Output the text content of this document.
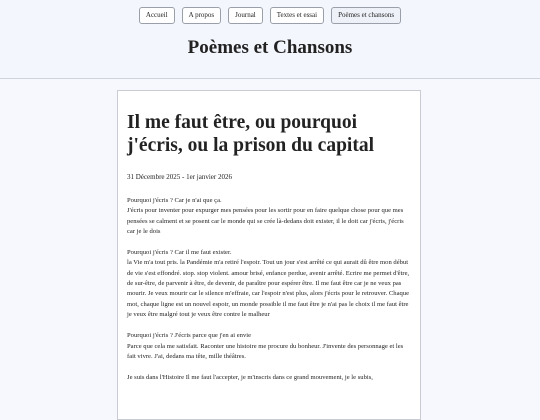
Accueil	A propos	Journal	Textes et essai	Poèmes et chansons
Poèmes et Chansons
Il me faut être, ou pourquoi j'écris, ou la prison du capital
31 Décembre 2025 - 1er janvier 2026

Pourquoi j'écris ? Car je n'ai que ça.
J'écris pour inventer pour expurger mes pensées pour les sortir pour en faire quelque chose pour que mes pensées se calment et se posent car le monde qui se crée là-dedans doit exister, il le doit car j'écris, j'écris car je le dois

Pourquoi j'écris ? Car il me faut exister.
la Vie m'a tout pris. la Pandémie m'a retiré l'espoir. Tout un jour s'est arrêté ce qui aurait dû être mon début de vie s'est effondré. stop. stop violent. amour brisé, enfance perdue, avenir arrêté. Ecrire me permet d'être, de sur-être, de parvenir à être, de devenir, de paraître pour espérer être. Il me faut être car je ne veux pas mourir. Je veux mourir car le silence m'effraie, car l'espoir n'est plus, alors j'écris pour le retrouver. Chaque mot, chaque ligne est un nouvel espoir, un monde possible il me faut être je n'ai pas le choix il me faut être je veux être malgré tout je veux être contre le malheur

Pourquoi j'écris ? J'écris parce que j'en ai envie
Parce que cela me satisfait. Raconter une histoire me procure du bonheur. J'invente des personnage et les fait vivre. J'ai, dedans ma tête, mille théâtres.

Je suis dans l'Histoire Il me faut l'accepter, je m'inscris dans ce grand mouvement, je le subis,
